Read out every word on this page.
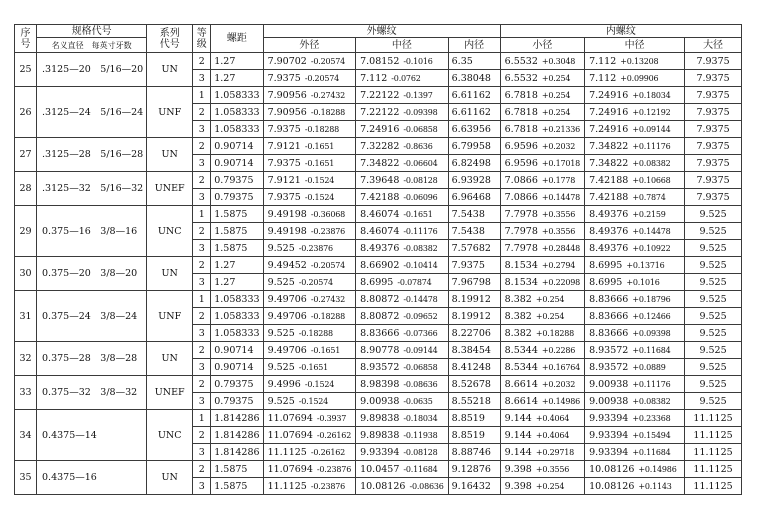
序
号	规格代号	系列
代号	等
级	螺距	外螺纹			内螺纹		
	名义直径　每英寸牙数				外径	中径	内径	小径	中径	大径
25	.3125—20　5/16—20	UN	2	1.27	7.90702 -0.20574	7.08152 -0.1016	6.35	6.5532 +0.3048	7.112 +0.13208	7.9375
			3	1.27	7.9375 -0.20574	7.112 -0.0762	6.38048	6.5532 +0.254	7.112 +0.09906	7.9375
26	.3125—24　5/16—24	UNF	1	1.058333	7.90956 -0.27432	7.22122 -0.1397	6.61162	6.7818 +0.254	7.24916 +0.18034	7.9375
			2	1.058333	7.90956 -0.18288	7.22122 -0.09398	6.61162	6.7818 +0.254	7.24916 +0.12192	7.9375
			3	1.058333	7.9375 -0.18288	7.24916 -0.06858	6.63956	6.7818 +0.21336	7.24916 +0.09144	7.9375
27	.3125—28　5/16—28	UN	2	0.90714	7.9121 -0.1651	7.32282 -0.8636	6.79958	6.9596 +0.2032	7.34822 +0.11176	7.9375
			3	0.90714	7.9375 -0.1651	7.34822 -0.06604	6.82498	6.9596 +0.17018	7.34822 +0.08382	7.9375
28	.3125—32　5/16—32	UNEF	2	0.79375	7.9121 -0.1524	7.39648 -0.08128	6.93928	7.0866 +0.1778	7.42188 +0.10668	7.9375
			3	0.79375	7.9375 -0.1524	7.42188 -0.06096	6.96468	7.0866 +0.14478	7.42188 +0.7874	7.9375
29	0.375—16　3/8—16	UNC	1	1.5875	9.49198 -0.36068	8.46074 -0.1651	7.5438	7.7978 +0.3556	8.49376 +0.2159	9.525
			2	1.5875	9.49198 -0.23876	8.46074 -0.11176	7.5438	7.7978 +0.3556	8.49376 +0.14478	9.525
			3	1.5875	9.525 -0.23876	8.49376 -0.08382	7.57682	7.7978 +0.28448	8.49376 +0.10922	9.525
30	0.375—20　3/8—20	UN	2	1.27	9.49452 -0.20574	8.66902 -0.10414	7.9375	8.1534 +0.2794	8.6995 +0.13716	9.525
			3	1.27	9.525 -0.20574	8.6995 -0.07874	7.96798	8.1534 +0.22098	8.6995 +0.1016	9.525
31	0.375—24　3/8—24	UNF	1	1.058333	9.49706 -0.27432	8.80872 -0.14478	8.19912	8.382 +0.254	8.83666 +0.18796	9.525
			2	1.058333	9.49706 -0.18288	8.80872 -0.09652	8.19912	8.382 +0.254	8.83666 +0.12466	9.525
			3	1.058333	9.525 -0.18288	8.83666 -0.07366	8.22706	8.382 +0.18288	8.83666 +0.09398	9.525
32	0.375—28　3/8—28	UN	2	0.90714	9.49706 -0.1651	8.90778 -0.09144	8.38454	8.5344 +0.2286	8.93572 +0.11684	9.525
			3	0.90714	9.525 -0.1651	8.93572 -0.06858	8.41248	8.5344 +0.16764	8.93572 +0.0889	9.525
33	0.375—32　3/8—32	UNEF	2	0.79375	9.4996 -0.1524	8.98398 -0.08636	8.52678	8.6614 +0.2032	9.00938 +0.11176	9.525
			3	0.79375	9.525 -0.1524	9.00938 -0.0635	8.55218	8.6614 +0.14986	9.00938 +0.08382	9.525
34	0.4375—14	UNC	1	1.814286	11.07694 -0.3937	9.89838 -0.18034	8.8519	9.144 +0.4064	9.93394 +0.23368	11.1125
			2	1.814286	11.07694 -0.26162	9.89838 -0.11938	8.8519	9.144 +0.4064	9.93394 +0.15494	11.1125
			3	1.814286	11.1125 -0.26162	9.93394 -0.08128	8.88746	9.144 +0.29718	9.93394 +0.11684	11.1125
35	0.4375—16	UN	2	1.5875	11.07694 -0.23876	10.0457 -0.11684	9.12876	9.398 +0.3556	10.08126 +0.14986	11.1125
			3	1.5875	11.1125 -0.23876	10.08126 -0.08636	9.16432	9.398 +0.254	10.08126 +0.1143	11.1125
